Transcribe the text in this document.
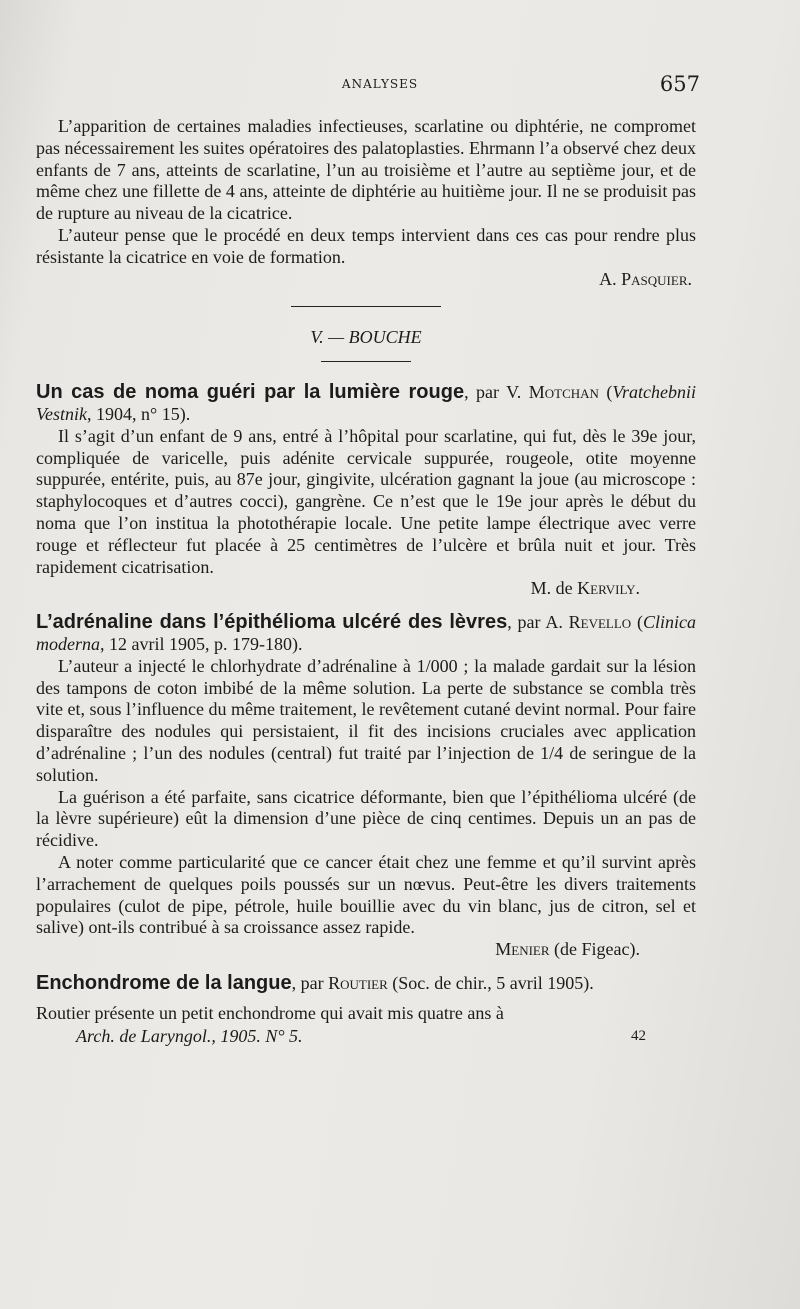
ANALYSES	657

L’apparition de certaines maladies infectieuses, scarlatine ou diphtérie, ne compromet pas nécessairement les suites opératoires des palatoplasties. Ehrmann l’a observé chez deux enfants de 7 ans, atteints de scarlatine, l’un au troisième et l’autre au septième jour, et de même chez une fillette de 4 ans, atteinte de diphtérie au huitième jour. Il ne se produisit pas de rupture au niveau de la cicatrice.

L’auteur pense que le procédé en deux temps intervient dans ces cas pour rendre plus résistante la cicatrice en voie de formation.

A. Pasquier.

V. — BOUCHE

Un cas de noma guéri par la lumière rouge, par V. Motchan (Vratchebnii Vestnik, 1904, n° 15).

Il s’agit d’un enfant de 9 ans, entré à l’hôpital pour scarlatine, qui fut, dès le 39e jour, compliquée de varicelle, puis adénite cervicale suppurée, rougeole, otite moyenne suppurée, entérite, puis, au 87e jour, gingivite, ulcération gagnant la joue (au microscope : staphylocoques et d’autres cocci), gangrène. Ce n’est que le 19e jour après le début du noma que l’on institua la photothérapie locale. Une petite lampe électrique avec verre rouge et réflecteur fut placée à 25 centimètres de l’ulcère et brûla nuit et jour. Très rapidement cicatrisation.

M. de Kervily.

L’adrénaline dans l’épithélioma ulcéré des lèvres, par A. Revello (Clinica moderna, 12 avril 1905, p. 179-180).

L’auteur a injecté le chlorhydrate d’adrénaline à 1/000 ; la malade gardait sur la lésion des tampons de coton imbibé de la même solution. La perte de substance se combla très vite et, sous l’influence du même traitement, le revêtement cutané devint normal. Pour faire disparaître des nodules qui persistaient, il fit des incisions cruciales avec application d’adrénaline ; l’un des nodules (central) fut traité par l’injection de 1/4 de seringue de la solution.

La guérison a été parfaite, sans cicatrice déformante, bien que l’épithélioma ulcéré (de la lèvre supérieure) eût la dimension d’une pièce de cinq centimes. Depuis un an pas de récidive.

A noter comme particularité que ce cancer était chez une femme et qu’il survint après l’arrachement de quelques poils poussés sur un nœvus. Peut-être les divers traitements populaires (culot de pipe, pétrole, huile bouillie avec du vin blanc, jus de citron, sel et salive) ont-ils contribué à sa croissance assez rapide.

Menier (de Figeac).

Enchondrome de la langue, par Routier (Soc. de chir., 5 avril 1905).

Routier présente un petit enchondrome qui avait mis quatre ans à

Arch. de Laryngol., 1905. N° 5.	42
